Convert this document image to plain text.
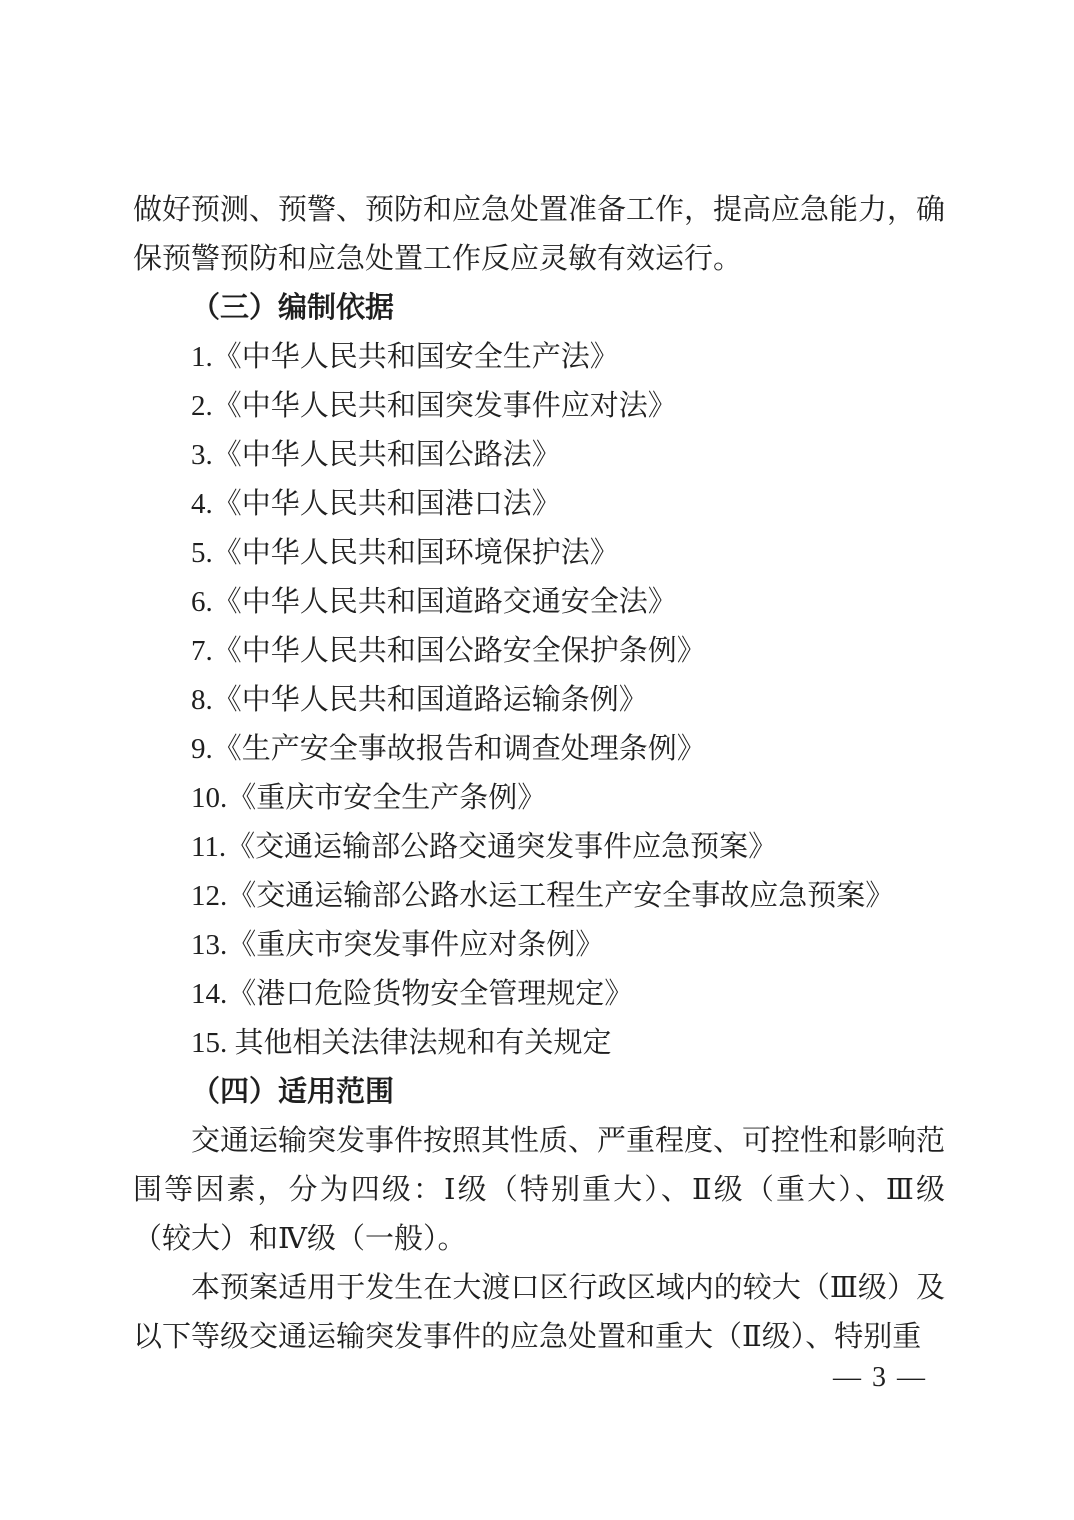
做好预测、预警、预防和应急处置准备工作，提高应急能力，确保预警预防和应急处置工作反应灵敏有效运行。

（三）编制依据

1.《中华人民共和国安全生产法》

2.《中华人民共和国突发事件应对法》

3.《中华人民共和国公路法》

4.《中华人民共和国港口法》

5.《中华人民共和国环境保护法》

6.《中华人民共和国道路交通安全法》

7.《中华人民共和国公路安全保护条例》

8.《中华人民共和国道路运输条例》

9.《生产安全事故报告和调查处理条例》

10.《重庆市安全生产条例》

11.《交通运输部公路交通突发事件应急预案》

12.《交通运输部公路水运工程生产安全事故应急预案》

13.《重庆市突发事件应对条例》

14.《港口危险货物安全管理规定》

15. 其他相关法律法规和有关规定

（四）适用范围

交通运输突发事件按照其性质、严重程度、可控性和影响范围等因素，分为四级：Ⅰ级（特别重大）、Ⅱ级（重大）、Ⅲ级（较大）和Ⅳ级（一般）。

本预案适用于发生在大渡口区行政区域内的较大（Ⅲ级）及以下等级交通运输突发事件的应急处置和重大（Ⅱ级）、特别重

— 3 —
